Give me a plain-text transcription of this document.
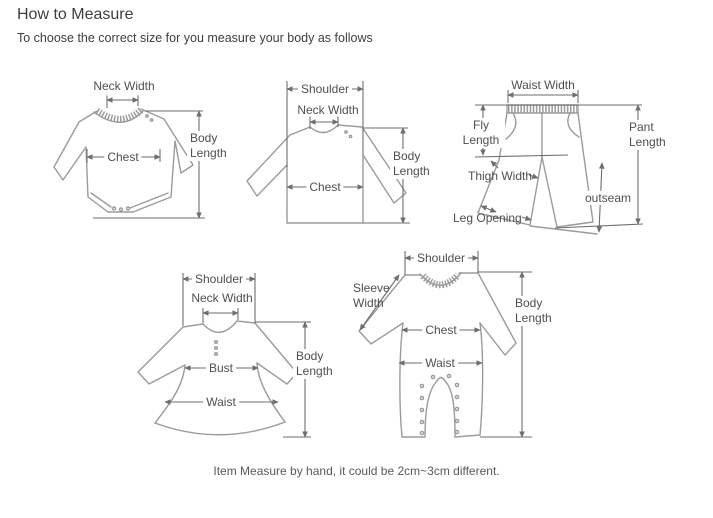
How to Measure
To choose the correct size for you measure your body as follows
Neck Width
Body Length
Chest
Shoulder
Neck Width
Chest
Body Length
Waist Width
Fly Length
Pant Length
Thigh Width
outseam
Leg Opening
Shoulder
Neck Width
Bust
Waist
Body Length
Shoulder
Sleeve Width
Chest
Waist
Body Length
Item Measure by hand, it could be 2cm~3cm different.
